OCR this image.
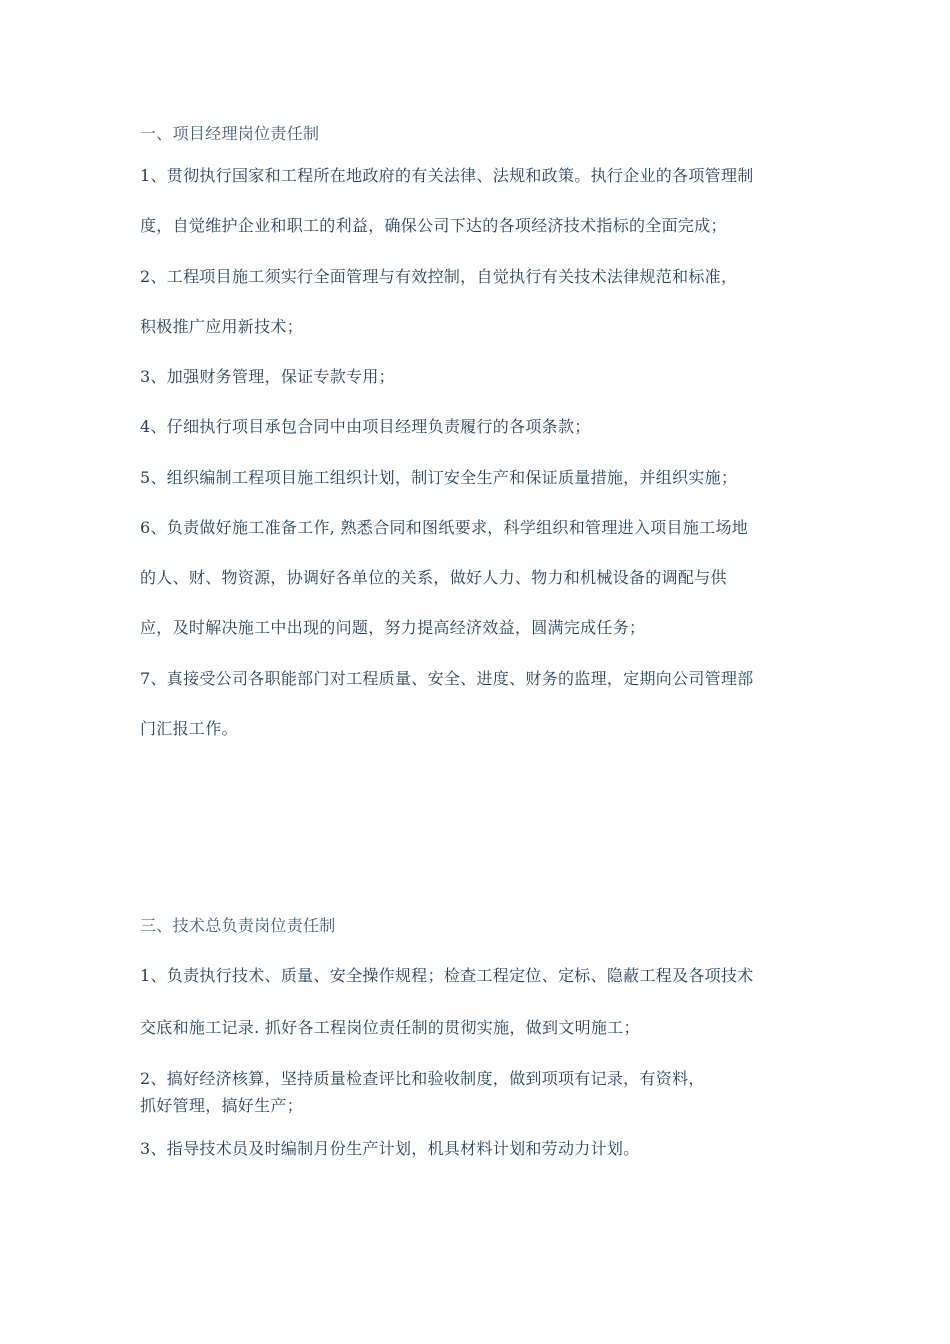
一、项目经理岗位责任制

1、贯彻执行国家和工程所在地政府的有关法律、法规和政策。执行企业的各项管理制

度，自觉维护企业和职工的利益，确保公司下达的各项经济技术指标的全面完成；

2、工程项目施工须实行全面管理与有效控制，自觉执行有关技术法律规范和标准，

积极推广应用新技术；

3、加强财务管理，保证专款专用；

4、仔细执行项目承包合同中由项目经理负责履行的各项条款；

5、组织编制工程项目施工组织计划，制订安全生产和保证质量措施，并组织实施；

6、负责做好施工准备工作, 熟悉合同和图纸要求，科学组织和管理进入项目施工场地

的人、财、物资源，协调好各单位的关系，做好人力、物力和机械设备的调配与供

应，及时解决施工中出现的问题，努力提高经济效益，圆满完成任务；

7、真接受公司各职能部门对工程质量、安全、进度、财务的监理，定期向公司管理部

门汇报工作。

三、技术总负责岗位责任制

1、负责执行技术、质量、安全操作规程；检查工程定位、定标、隐蔽工程及各项技术

交底和施工记录. 抓好各工程岗位责任制的贯彻实施，做到文明施工；

2、搞好经济核算，坚持质量检查评比和验收制度，做到项项有记录，有资料，

抓好管理，搞好生产；

3、指导技术员及时编制月份生产计划，机具材料计划和劳动力计划。
